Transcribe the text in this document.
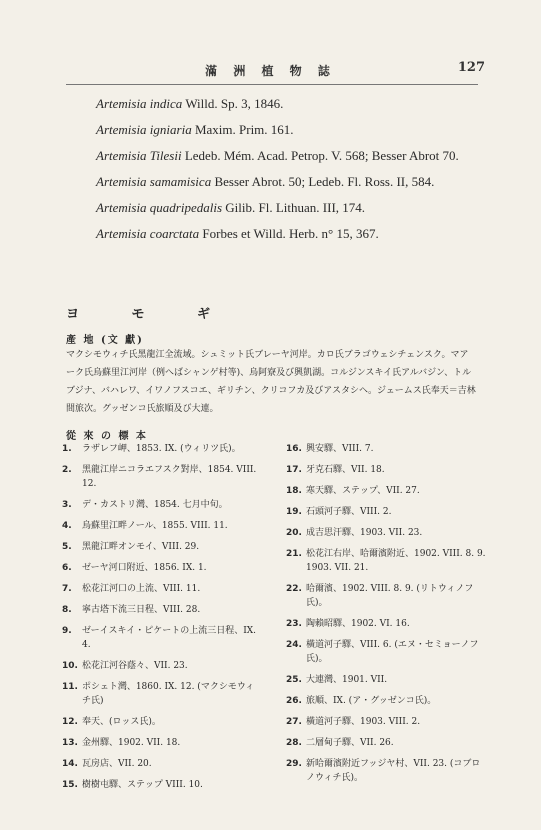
滿 洲 植 物 誌	127

Artemisia indica Willd. Sp. 3, 1846.

Artemisia igniaria Maxim. Prim. 161.

Artemisia Tilesii Ledeb. Mém. Acad. Petrop. V. 568; Besser Abrot 70.

Artemisia samamisica Besser Abrot. 50; Ledeb. Fl. Ross. II, 584.

Artemisia quadripedalis Gilib. Fl. Lithuan. III, 174.

Artemisia coarctata Forbes et Willd. Herb. n° 15, 367.

ヨ モ ギ
產 地 (文 獻)
マクシモウィチ氏黑龍江全流域。シュミット氏ブレーヤ河岸。カロ氏ブラゴウェシチェンスク。マアーク氏烏蘇里江河岸（例へばシャンゲ村等)、烏阿寮及び興凱湖。コルジンスキイ氏アルバジン、トルブジナ、バハレワ、イワノフスコエ、ギリチン、クリコフカ及びアスタシヘ。ジェームス氏奉天＝吉林間旅次。グッゼンコ氏旅順及び大連。
從 來 の 標 本
1.	ラザレフ岬、1853. IX. (ウィリツ氏)。
2.	黑龍江岸ニコラエフスク對岸、1854. VIII. 12.
3.	デ・カストリ灣、1854. 七月中旬。
4.	烏蘇里江畔ノール、1855. VIII. 11.
5.	黑龍江畔オンモイ、VIII. 29.
6.	ゼーヤ河口附近、1856. IX. 1.
7.	松花江河口の上流、VIII. 11.
8.	寧古塔下流三日程、VIII. 28.
9.	ゼーイスキイ・ピケートの上流三日程、IX. 4.
10. 松花江河谷蔭々、VII. 23.
11. ポシェト灣、1860. IX. 12. (マクシモウィチ氏)
12. 奉天、(ロッス氏)。
13. 金州驛、1902. VII. 18.
14. 瓦房店、VII. 20.
15. 樹樹屯驛、ステップ VIII. 10.
16. 興安驛、VIII. 7.
17. 牙克石驛、VII. 18.
18. 寒天驛、ステップ、VII. 27.
19. 石頭河子驛、VIII. 2.
20. 成吉思汗驛、1903. VII. 23.
21. 松花江右岸、哈爾濱附近、1902. VIII. 8. 9. 1903. VII. 21.
22. 哈爾濱、1902. VIII. 8. 9. (リトウィノフ氏)。
23. 陶賴昭驛、1902. VI. 16.
24. 橫道河子驛、VIII. 6. (エヌ・セミョーノフ氏)。
25. 大連灣、1901. VII.
26. 旅順、IX. (ア・グッゼンコ氏)。
27. 橫道河子驛、1903. VIII. 2.
28. 二層甸子驛、VII. 26.
29. 新哈爾濱附近フッジヤ村、VII. 23. (コブロノウィチ氏)。
